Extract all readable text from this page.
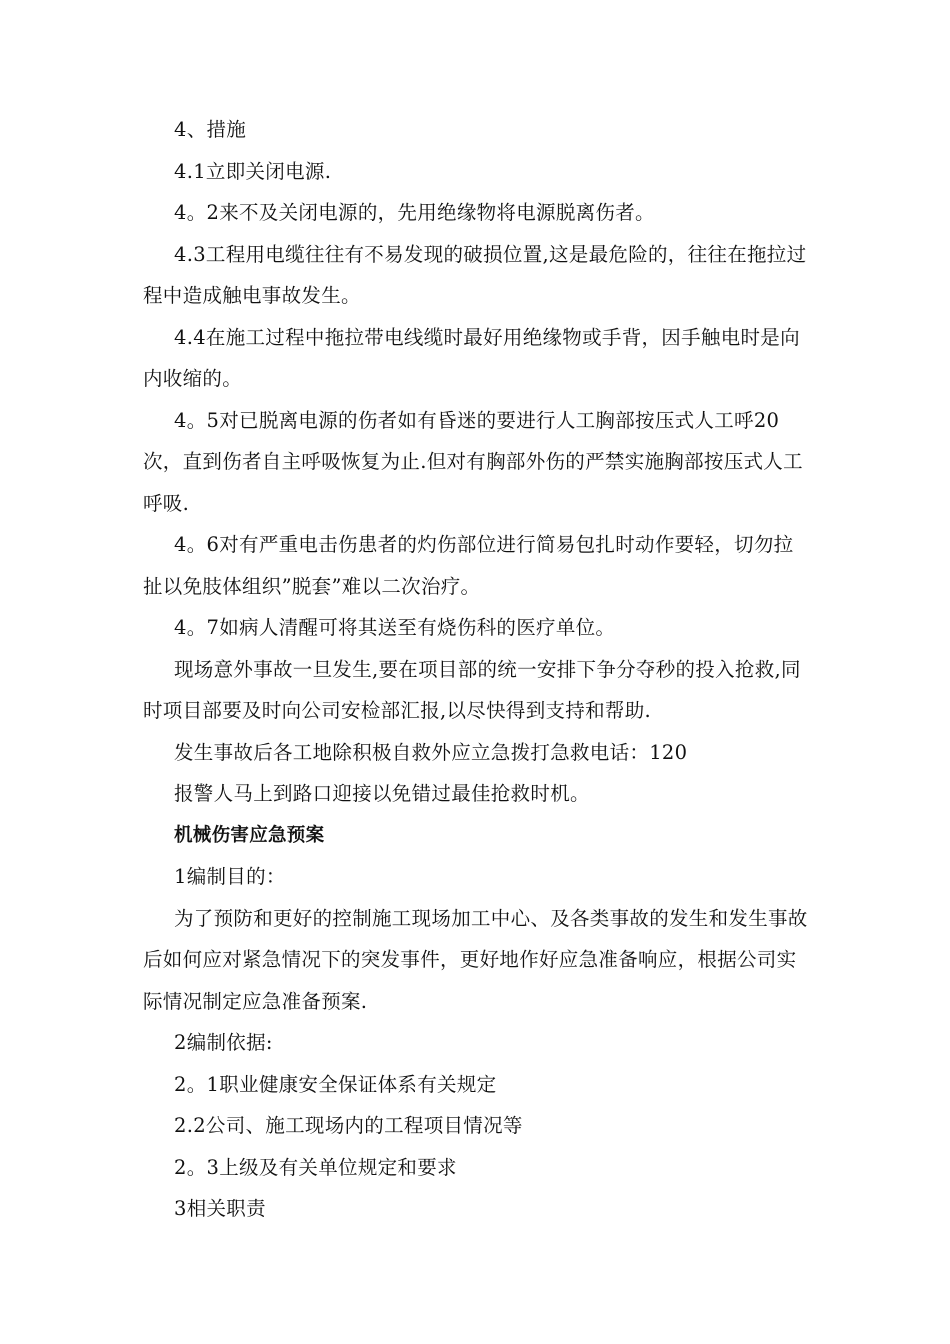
4、措施

4.1立即关闭电源.

4。2来不及关闭电源的，先用绝缘物将电源脱离伤者。

4.3工程用电缆往往有不易发现的破损位置,这是最危险的，往往在拖拉过程中造成触电事故发生。

4.4在施工过程中拖拉带电线缆时最好用绝缘物或手背，因手触电时是向内收缩的。

4。5对已脱离电源的伤者如有昏迷的要进行人工胸部按压式人工呼20次，直到伤者自主呼吸恢复为止.但对有胸部外伤的严禁实施胸部按压式人工呼吸.

4。6对有严重电击伤患者的灼伤部位进行简易包扎时动作要轻，切勿拉扯以免肢体组织”脱套”难以二次治疗。

4。7如病人清醒可将其送至有烧伤科的医疗单位。

现场意外事故一旦发生,要在项目部的统一安排下争分夺秒的投入抢救,同时项目部要及时向公司安检部汇报,以尽快得到支持和帮助.

发生事故后各工地除积极自救外应立急拨打急救电话：120

报警人马上到路口迎接以免错过最佳抢救时机。

机械伤害应急预案

1编制目的：

为了预防和更好的控制施工现场加工中心、及各类事故的发生和发生事故后如何应对紧急情况下的突发事件，更好地作好应急准备响应，根据公司实际情况制定应急准备预案.

2编制依据:

2。1职业健康安全保证体系有关规定

2.2公司、施工现场内的工程项目情况等

2。3上级及有关单位规定和要求

3相关职责
